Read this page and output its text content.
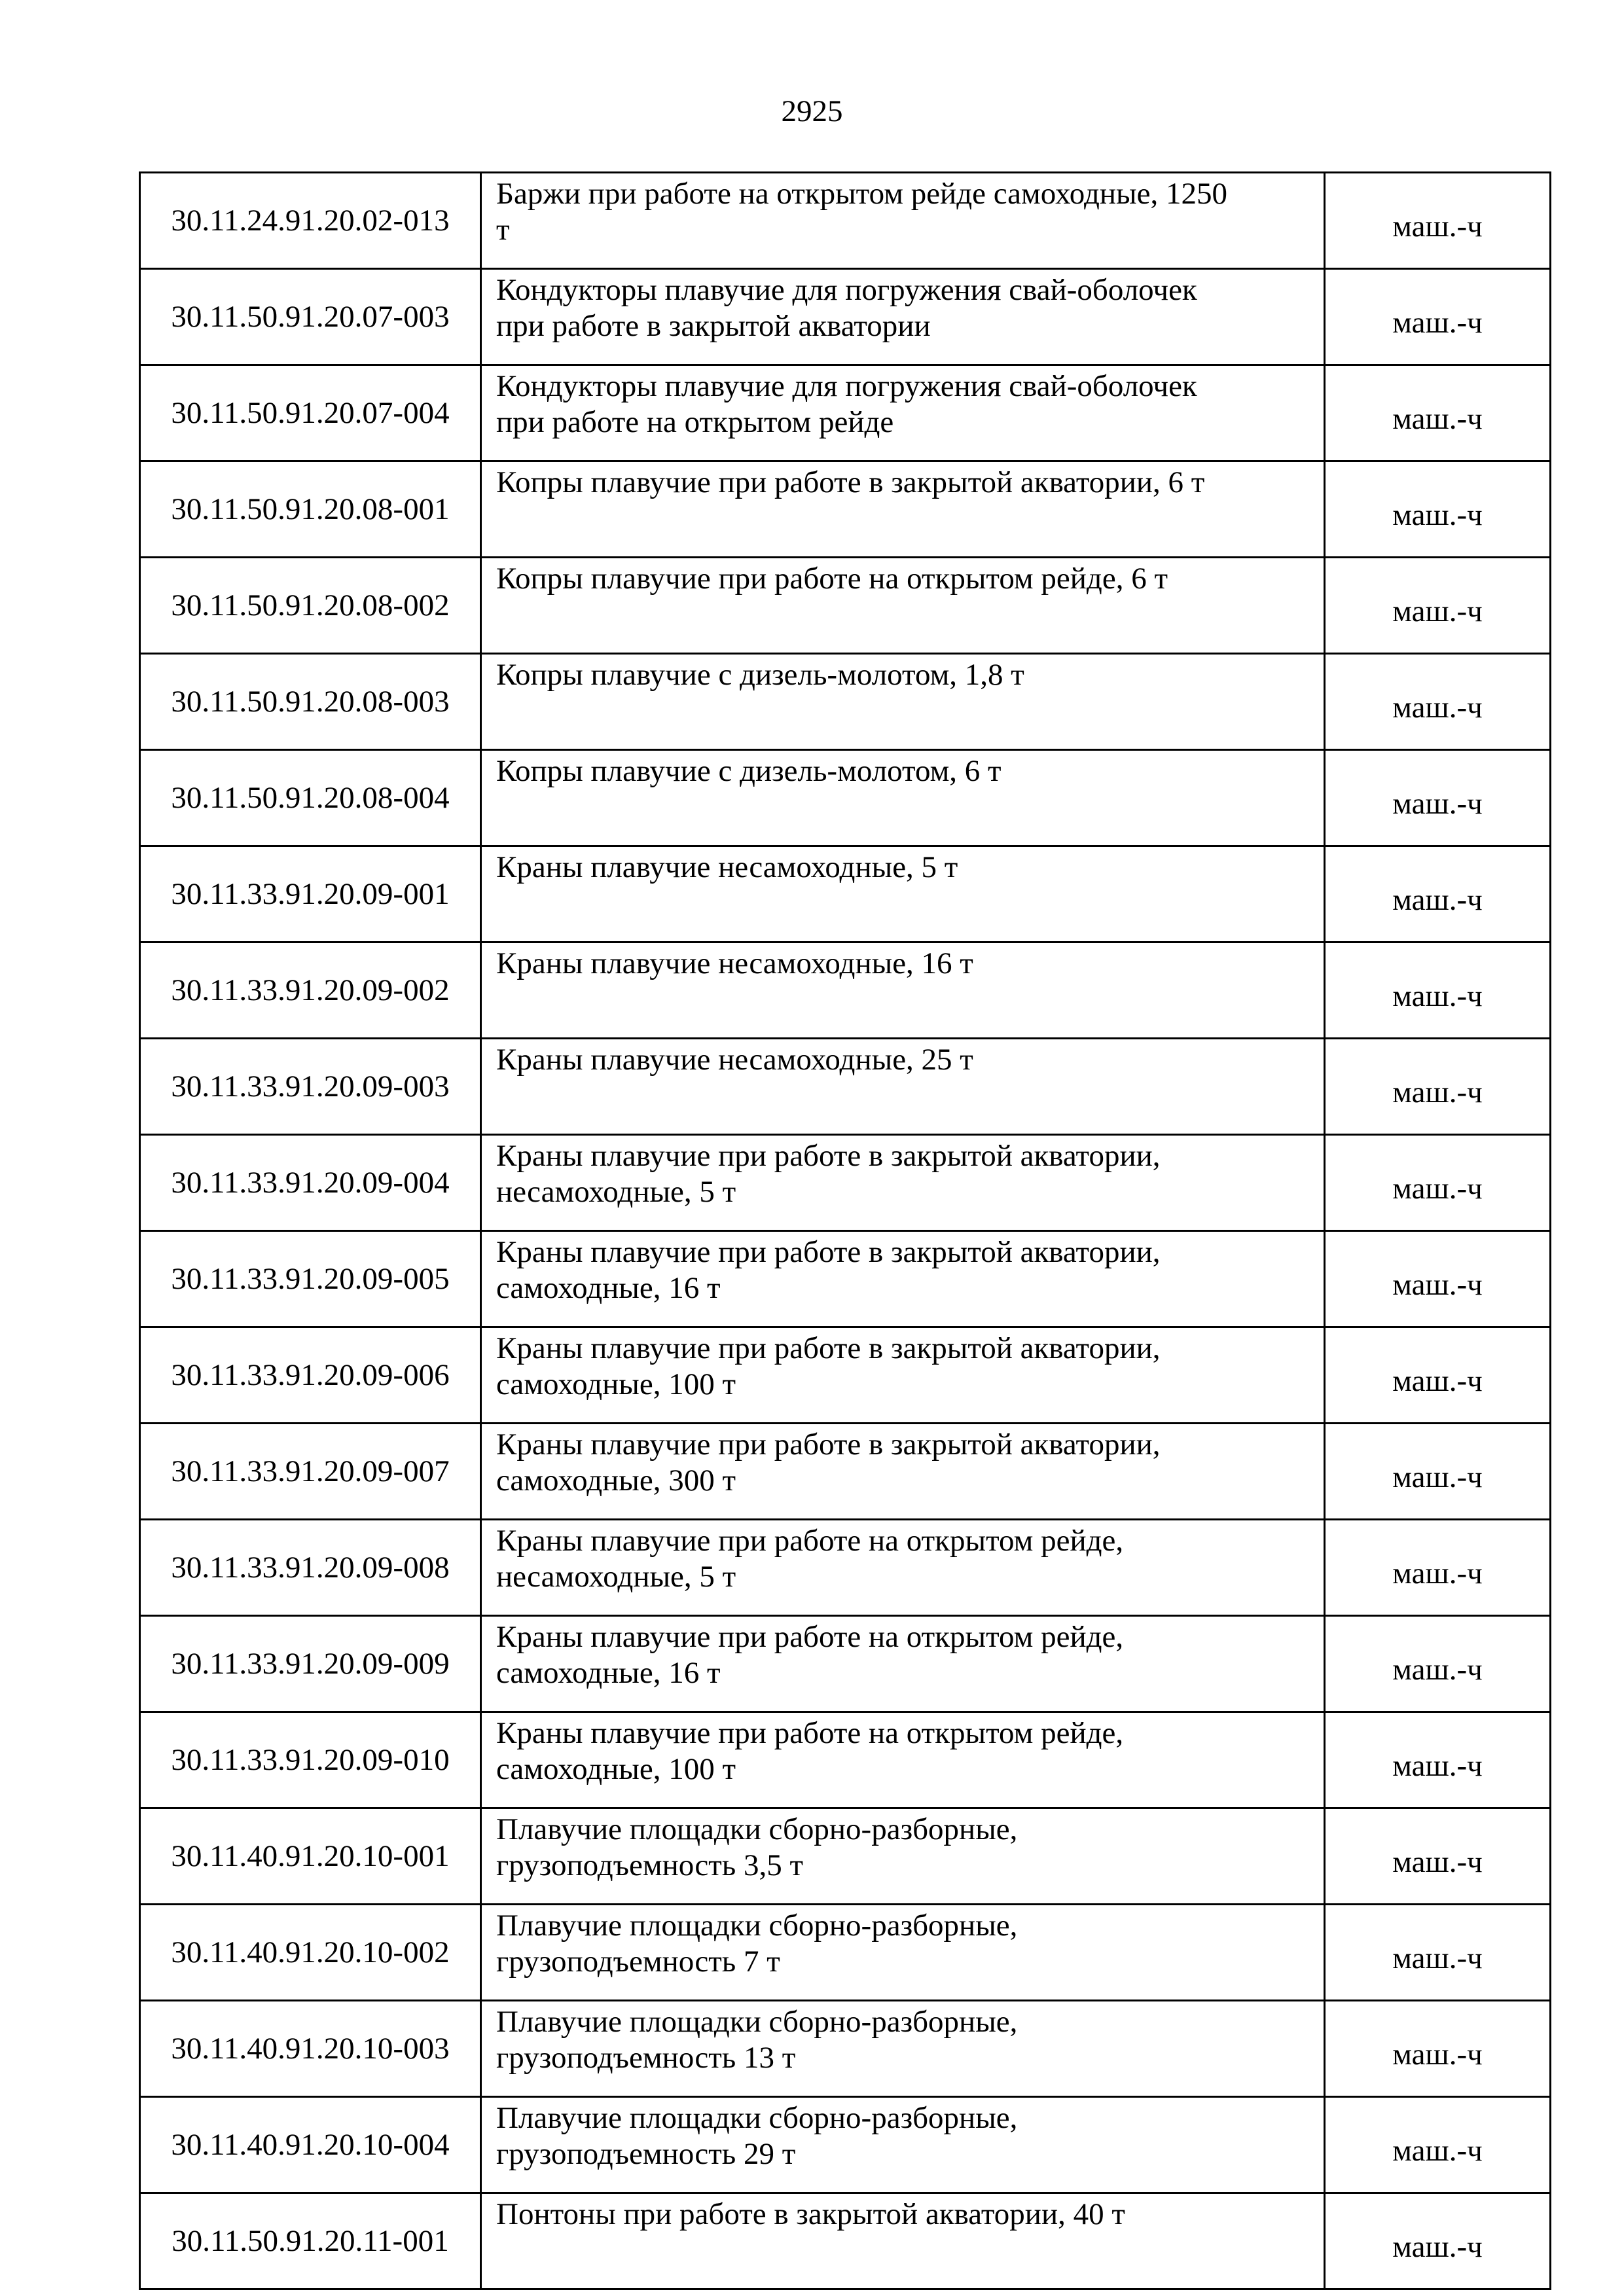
2925
30.11.24.91.20.02-013	Баржи при работе на открытом рейде самоходные, 1250
т	маш.-ч
30.11.50.91.20.07-003	Кондукторы плавучие для погружения свай-оболочек
при работе в закрытой акватории	маш.-ч
30.11.50.91.20.07-004	Кондукторы плавучие для погружения свай-оболочек
при работе на открытом рейде	маш.-ч
30.11.50.91.20.08-001	Копры плавучие при работе в закрытой акватории, 6 т	маш.-ч
30.11.50.91.20.08-002	Копры плавучие при работе на открытом рейде, 6 т	маш.-ч
30.11.50.91.20.08-003	Копры плавучие с дизель-молотом, 1,8 т	маш.-ч
30.11.50.91.20.08-004	Копры плавучие с дизель-молотом, 6 т	маш.-ч
30.11.33.91.20.09-001	Краны плавучие несамоходные, 5 т	маш.-ч
30.11.33.91.20.09-002	Краны плавучие несамоходные, 16 т	маш.-ч
30.11.33.91.20.09-003	Краны плавучие несамоходные, 25 т	маш.-ч
30.11.33.91.20.09-004	Краны плавучие при работе в закрытой акватории,
несамоходные, 5 т	маш.-ч
30.11.33.91.20.09-005	Краны плавучие при работе в закрытой акватории,
самоходные, 16 т	маш.-ч
30.11.33.91.20.09-006	Краны плавучие при работе в закрытой акватории,
самоходные, 100 т	маш.-ч
30.11.33.91.20.09-007	Краны плавучие при работе в закрытой акватории,
самоходные, 300 т	маш.-ч
30.11.33.91.20.09-008	Краны плавучие при работе на открытом рейде,
несамоходные, 5 т	маш.-ч
30.11.33.91.20.09-009	Краны плавучие при работе на открытом рейде,
самоходные, 16 т	маш.-ч
30.11.33.91.20.09-010	Краны плавучие при работе на открытом рейде,
самоходные, 100 т	маш.-ч
30.11.40.91.20.10-001	Плавучие площадки сборно-разборные,
грузоподъемность 3,5 т	маш.-ч
30.11.40.91.20.10-002	Плавучие площадки сборно-разборные,
грузоподъемность 7 т	маш.-ч
30.11.40.91.20.10-003	Плавучие площадки сборно-разборные,
грузоподъемность 13 т	маш.-ч
30.11.40.91.20.10-004	Плавучие площадки сборно-разборные,
грузоподъемность 29 т	маш.-ч
30.11.50.91.20.11-001	Понтоны при работе в закрытой акватории, 40 т	маш.-ч
